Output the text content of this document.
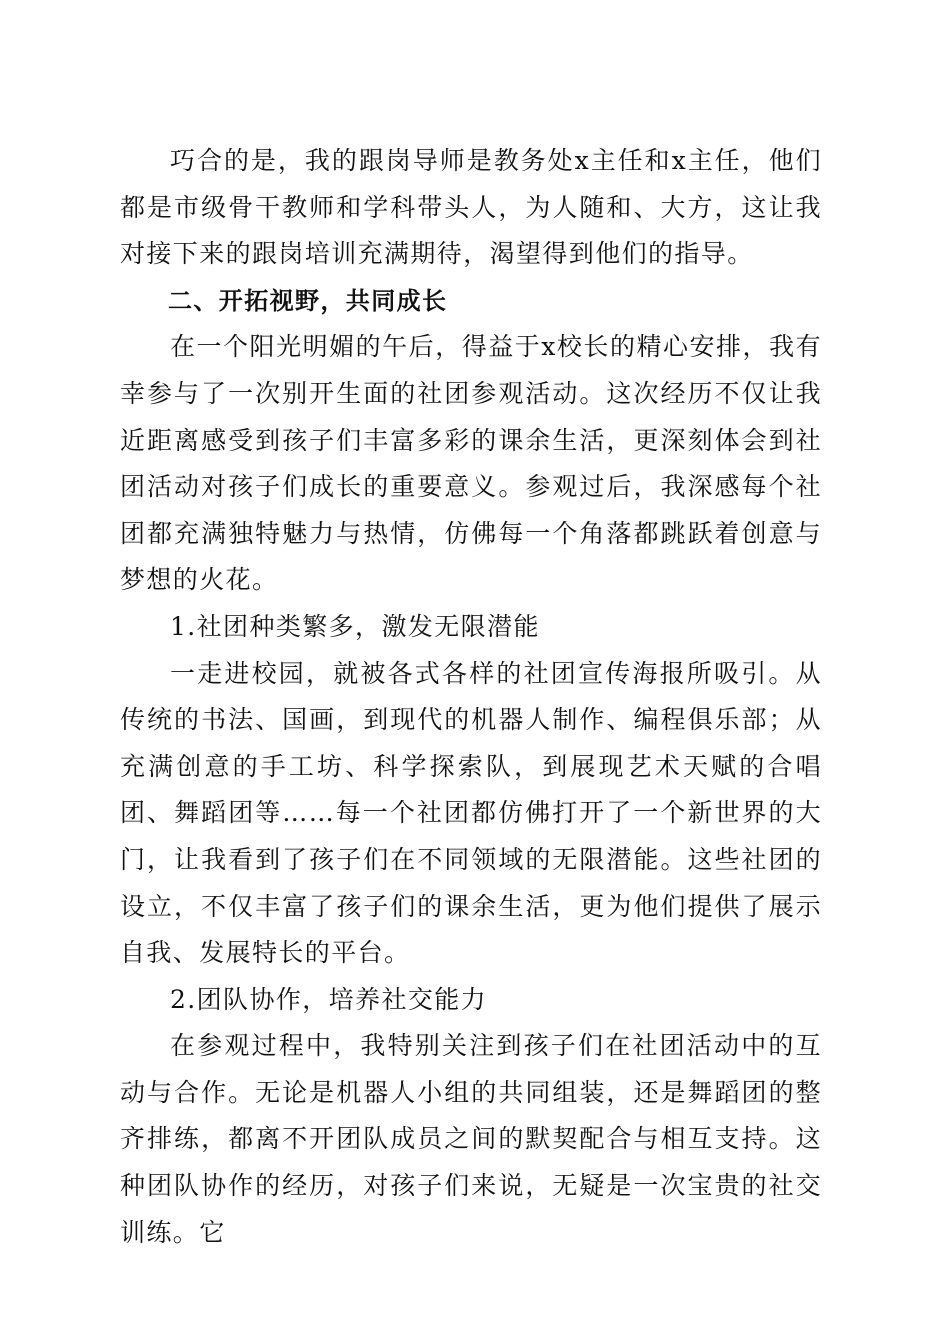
巧合的是，我的跟岗导师是教务处x主任和x主任，他们都是市级骨干教师和学科带头人，为人随和、大方，这让我对接下来的跟岗培训充满期待，渴望得到他们的指导。

二、开拓视野，共同成长

在一个阳光明媚的午后，得益于x校长的精心安排，我有幸参与了一次别开生面的社团参观活动。这次经历不仅让我近距离感受到孩子们丰富多彩的课余生活，更深刻体会到社团活动对孩子们成长的重要意义。参观过后，我深感每个社团都充满独特魅力与热情，仿佛每一个角落都跳跃着创意与梦想的火花。

1.社团种类繁多，激发无限潜能

一走进校园，就被各式各样的社团宣传海报所吸引。从传统的书法、国画，到现代的机器人制作、编程俱乐部；从充满创意的手工坊、科学探索队，到展现艺术天赋的合唱团、舞蹈团等……每一个社团都仿佛打开了一个新世界的大门，让我看到了孩子们在不同领域的无限潜能。这些社团的设立，不仅丰富了孩子们的课余生活，更为他们提供了展示自我、发展特长的平台。

2.团队协作，培养社交能力

在参观过程中，我特别关注到孩子们在社团活动中的互动与合作。无论是机器人小组的共同组装，还是舞蹈团的整齐排练，都离不开团队成员之间的默契配合与相互支持。这种团队协作的经历，对孩子们来说，无疑是一次宝贵的社交训练。它
